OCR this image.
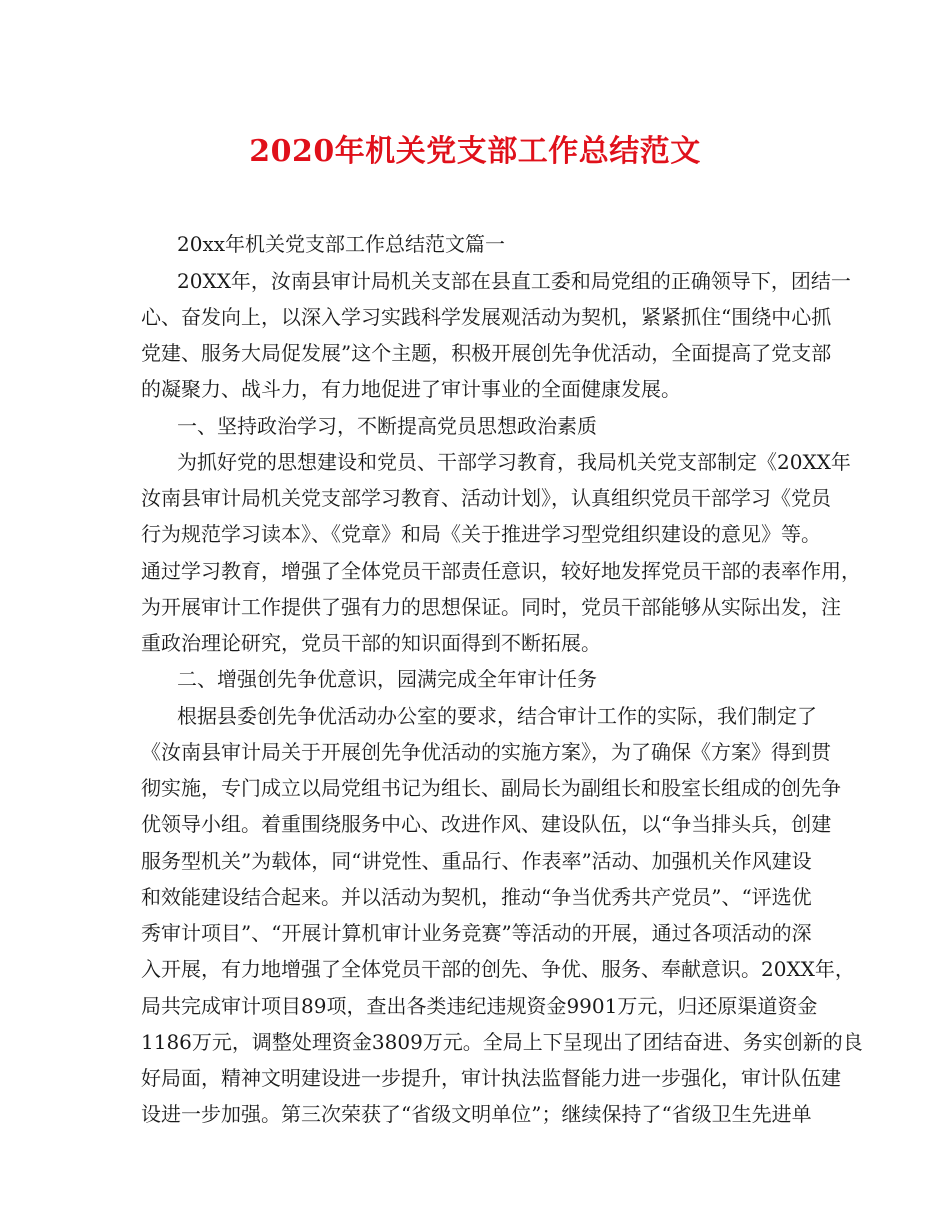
2020年机关党支部工作总结范文

20xx年机关党支部工作总结范文篇一

20XX年，汝南县审计局机关支部在县直工委和局党组的正确领导下，团结一

心、奋发向上，以深入学习实践科学发展观活动为契机，紧紧抓住“围绕中心抓

党建、服务大局促发展”这个主题，积极开展创先争优活动，全面提高了党支部

的凝聚力、战斗力，有力地促进了审计事业的全面健康发展。

一、坚持政治学习，不断提高党员思想政治素质

为抓好党的思想建设和党员、干部学习教育，我局机关党支部制定《20XX年

汝南县审计局机关党支部学习教育、活动计划》，认真组织党员干部学习《党员

行为规范学习读本》、《党章》和局《关于推进学习型党组织建设的意见》等。

通过学习教育，增强了全体党员干部责任意识，较好地发挥党员干部的表率作用，

为开展审计工作提供了强有力的思想保证。同时，党员干部能够从实际出发，注

重政治理论研究，党员干部的知识面得到不断拓展。

二、增强创先争优意识，园满完成全年审计任务

根据县委创先争优活动办公室的要求，结合审计工作的实际，我们制定了

《汝南县审计局关于开展创先争优活动的实施方案》，为了确保《方案》得到贯

彻实施，专门成立以局党组书记为组长、副局长为副组长和股室长组成的创先争

优领导小组。着重围绕服务中心、改进作风、建设队伍，以“争当排头兵，创建

服务型机关”为载体，同“讲党性、重品行、作表率”活动、加强机关作风建设

和效能建设结合起来。并以活动为契机，推动“争当优秀共产党员”、“评选优

秀审计项目”、“开展计算机审计业务竞赛”等活动的开展，通过各项活动的深

入开展，有力地增强了全体党员干部的创先、争优、服务、奉献意识。20XX年，

局共完成审计项目89项，查出各类违纪违规资金9901万元，归还原渠道资金

1186万元，调整处理资金3809万元。全局上下呈现出了团结奋进、务实创新的良

好局面，精神文明建设进一步提升，审计执法监督能力进一步强化，审计队伍建

设进一步加强。第三次荣获了“省级文明单位”；继续保持了“省级卫生先进单
